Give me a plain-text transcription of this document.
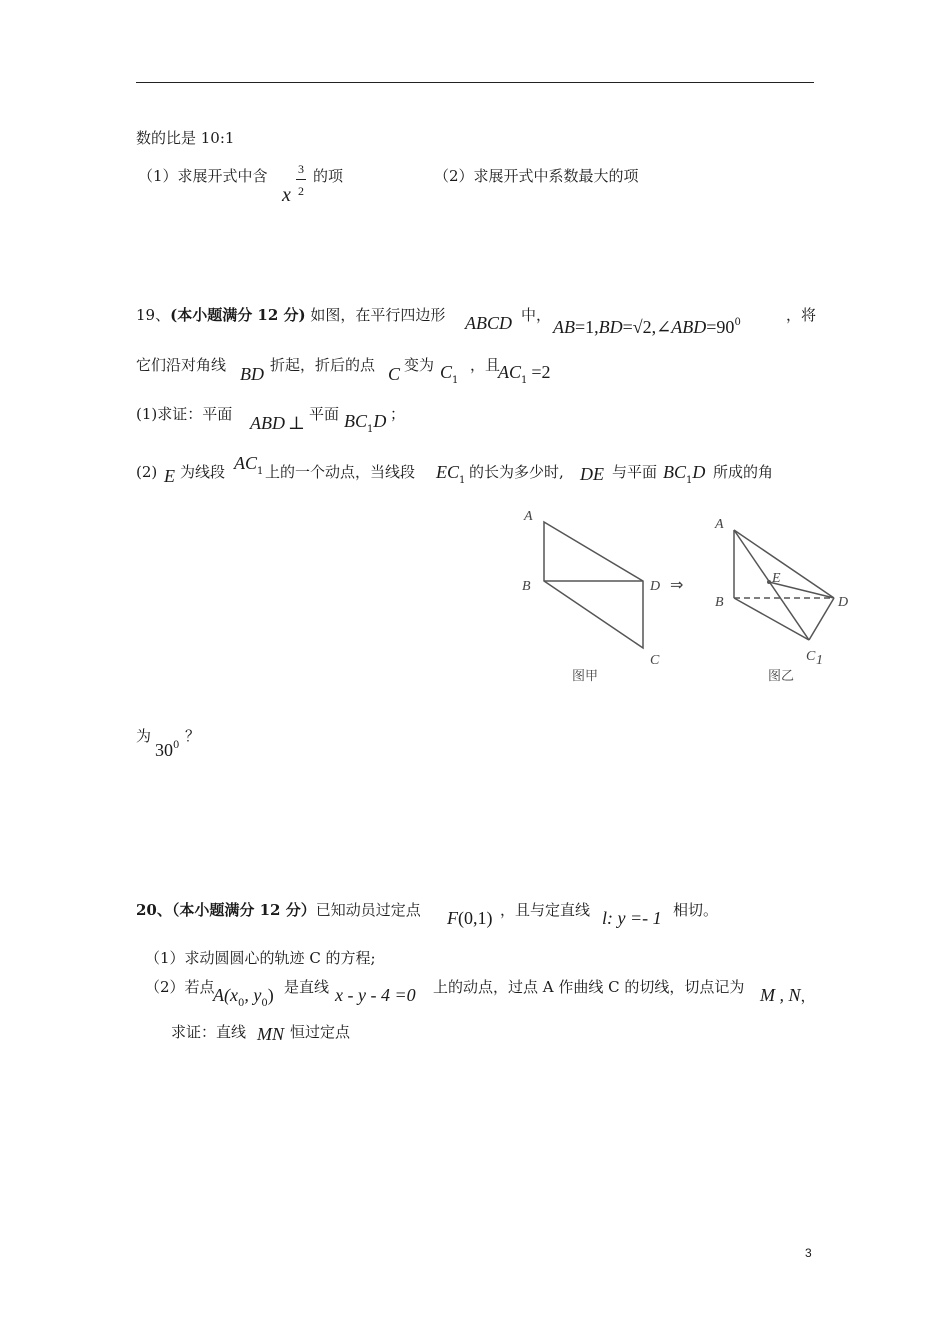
数的比是 10:1
（1）求展开式中含
x
3
2
的项	（2）求展开式中系数最大的项
19、(本小题满分 12 分) 如图，在平行四边形 ABCD 中，
$AB=1,BD=√2,\angle ABD=90^0$	，将
它们沿对角线 BD 折起，折后的点 C 变为 $C_1$
，且
$AC_1 =2$
(1)求证：平面 ABD ⊥ 平面 $BC_1D$ ；
(2) E 为线段 $AC_1$ 上的一个动点，当线段 $EC_1$ 的长为多少时, DE 与平面 $BC_1D$ 所成的角
A
B	D
C
图甲
⇒
A
E
B	D
C 1
图乙
为
$30^0$
？
20、（本小题满分 12 分）已知动员过定点 F(0,1) ，且与定直线 l: y =- 1 相切。
（1）求动圆圆心的轨迹 C 的方程;
（2）若点
$A(x_0$, $y_0$) 是直线 x - y - 4 =0 上的动点，过点 A 作曲线 C 的切线，切点记为 M , N，
求证：直线 MN 恒过定点
3
